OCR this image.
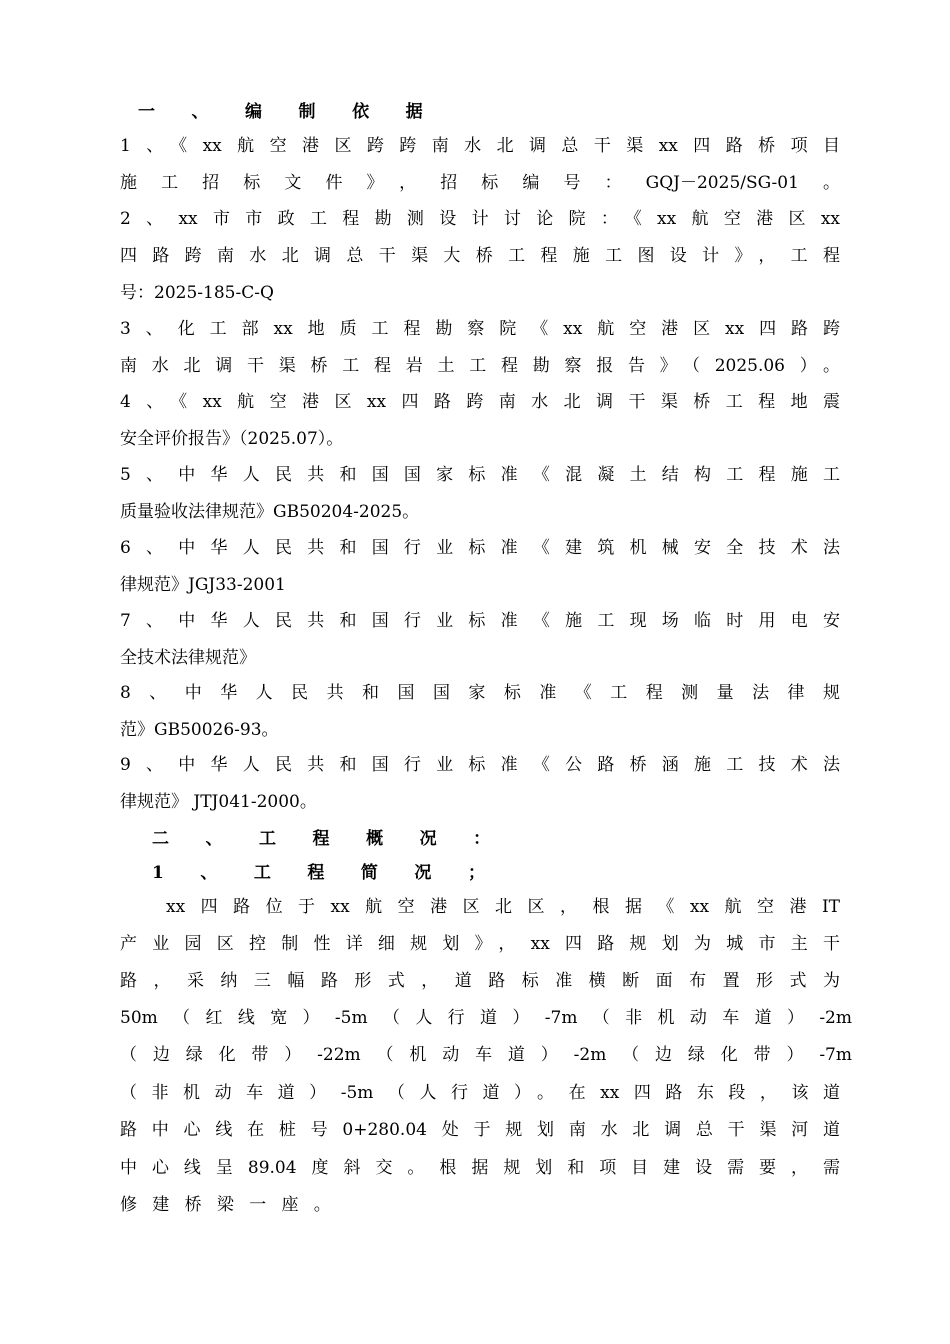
一 、 编 制 依 据
1、《xx航空港区跨跨南水北调总干渠xx四路桥项目
施工招标文件》，招标编号：GQJ－2025/SG-01。
2、xx市市政工程勘测设计讨论院：《xx航空港区xx
四路跨南水北调总干渠大桥工程施工图设计》，工程
号：2025-185-C-Q
3、化工部xx地质工程勘察院《xx航空港区xx四路跨
南水北调干渠桥工程岩土工程勘察报告》（2025.06）。
4、《xx航空港区xx四路跨南水北调干渠桥工程地震
安全评价报告》（2025.07）。
5、中华人民共和国国家标准《混凝土结构工程施工
质量验收法律规范》GB50204-2025。
6、中华人民共和国行业标准《建筑机械安全技术法
律规范》JGJ33-2001
7、中华人民共和国行业标准《施工现场临时用电安
全技术法律规范》
8、中华人民共和国国家标准《工程测量法律规
范》GB50026-93。
9、中华人民共和国行业标准《公路桥涵施工技术法
律规范》 JTJ041-2000。
二 、 工 程 概 况 ：
1 、 工 程 简 况 ；
xx四路位于xx航空港区北区，根据《xx航空港IT
产业园区控制性详细规划》，xx四路规划为城市主干
路，采纳三幅路形式，道路标准横断面布置形式为
50m（红线宽）-5m（人行道）-7m（非机动车道）-2m
（边绿化带）-22m（机动车道）-2m（边绿化带）-7m
（非机动车道）-5m（人行道）。在xx四路东段，该道
路中心线在桩号0+280.04处于规划南水北调总干渠河道
中心线呈89.04度斜交。根据规划和项目建设需要，需
修建桥梁一座。
